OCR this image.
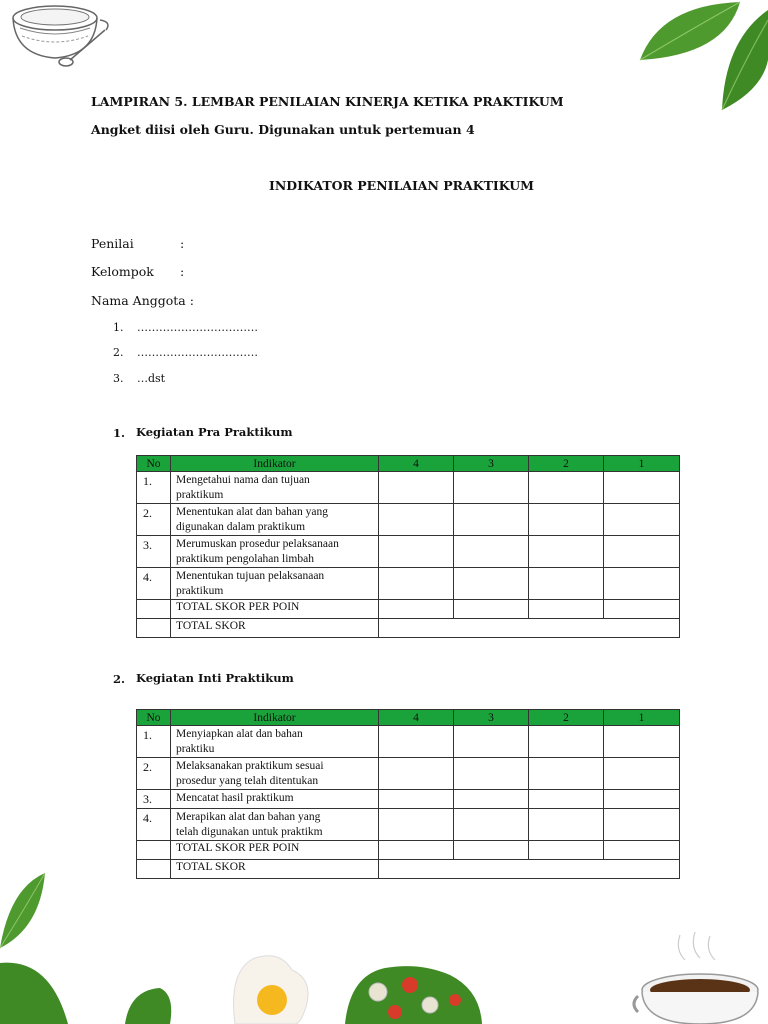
LAMPIRAN 5. LEMBAR PENILAIAN KINERJA KETIKA PRAKTIKUM
Angket diisi oleh Guru. Digunakan untuk pertemuan 4
INDIKATOR PENILAIAN PRAKTIKUM
Penilai	:
Kelompok :
Nama Anggota :
1. ……………………………
2. ……………………………
3. …dst
1. Kegiatan Pra Praktikum
No	Indikator	4	3	2	1
1.	Mengetahui nama dan tujuan
praktikum				

2.	Menentukan alat dan bahan yang
digunakan dalam praktikum				

3.	Merumuskan prosedur pelaksanaan
praktikum pengolahan limbah				

4.	Menentukan tujuan pelaksanaan
praktikum				

	TOTAL SKOR PER POIN				
	TOTAL SKOR				
2. Kegiatan Inti Praktikum
No	Indikator	4	3	2	1
1.	Menyiapkan alat dan bahan
praktiku				

2.	Melaksanakan praktikum sesuai
prosedur yang telah ditentukan				

3.	Mencatat hasil praktikum				

4.	Merapikan alat dan bahan yang
telah digunakan untuk praktikm				

	TOTAL SKOR PER POIN				
	TOTAL SKOR				
